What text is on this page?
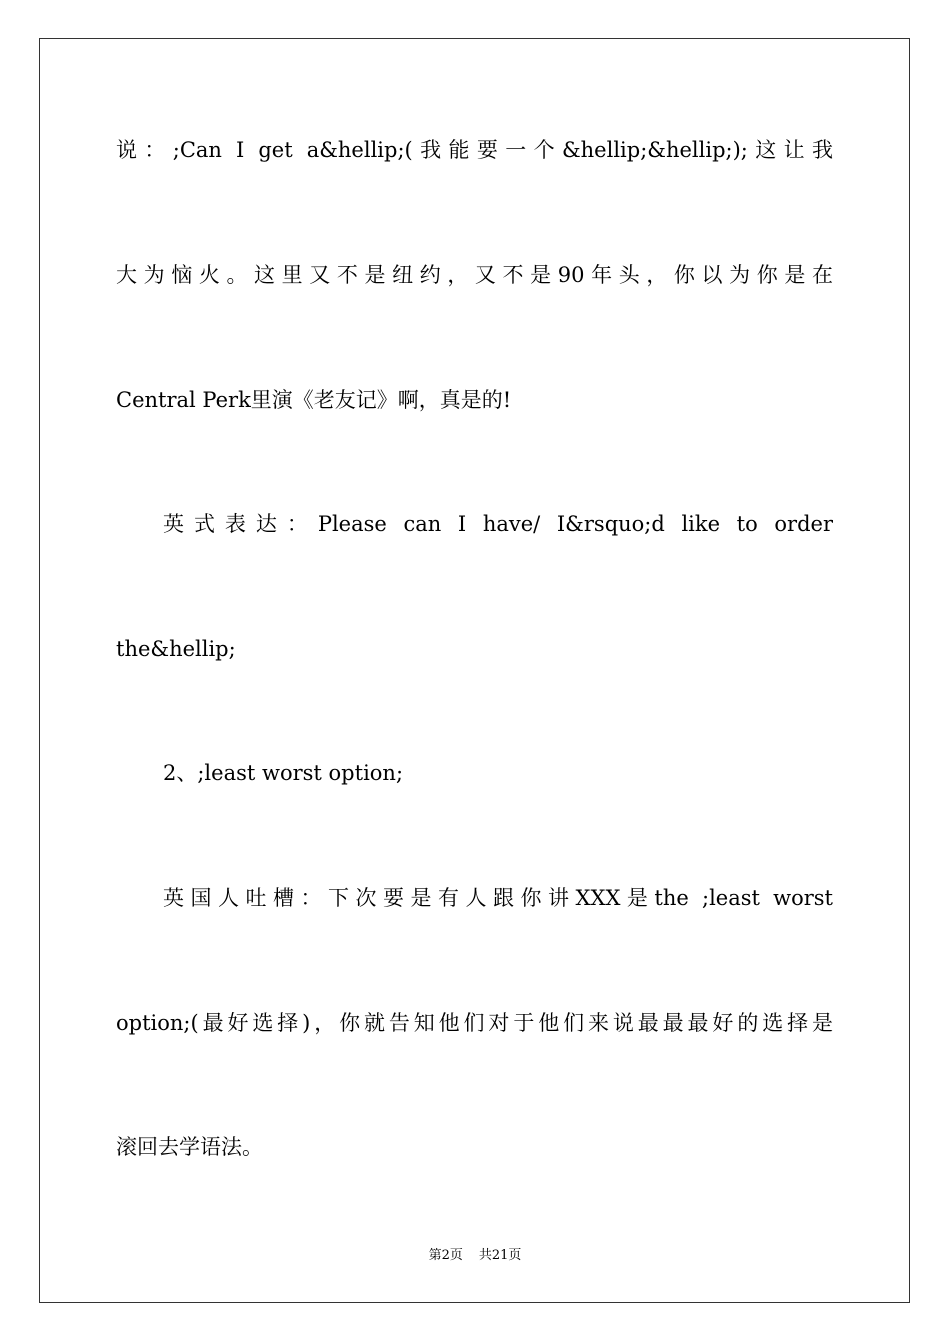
说：;Can I get a&hellip;(我能要一个&hellip;&hellip;);这让我
大为恼火。这里又不是纽约，又不是90年头，你以为你是在
Central Perk里演《老友记》啊，真是的!
英式表达：Please can I have/ I&rsquo;d like to order
the&hellip;
2、;least worst option;
英国人吐槽：下次要是有人跟你讲XXX是the ;least worst
option;(最好选择)，你就告知他们对于他们来说最最最好的选择是
滚回去学语法。
第2页 共21页
